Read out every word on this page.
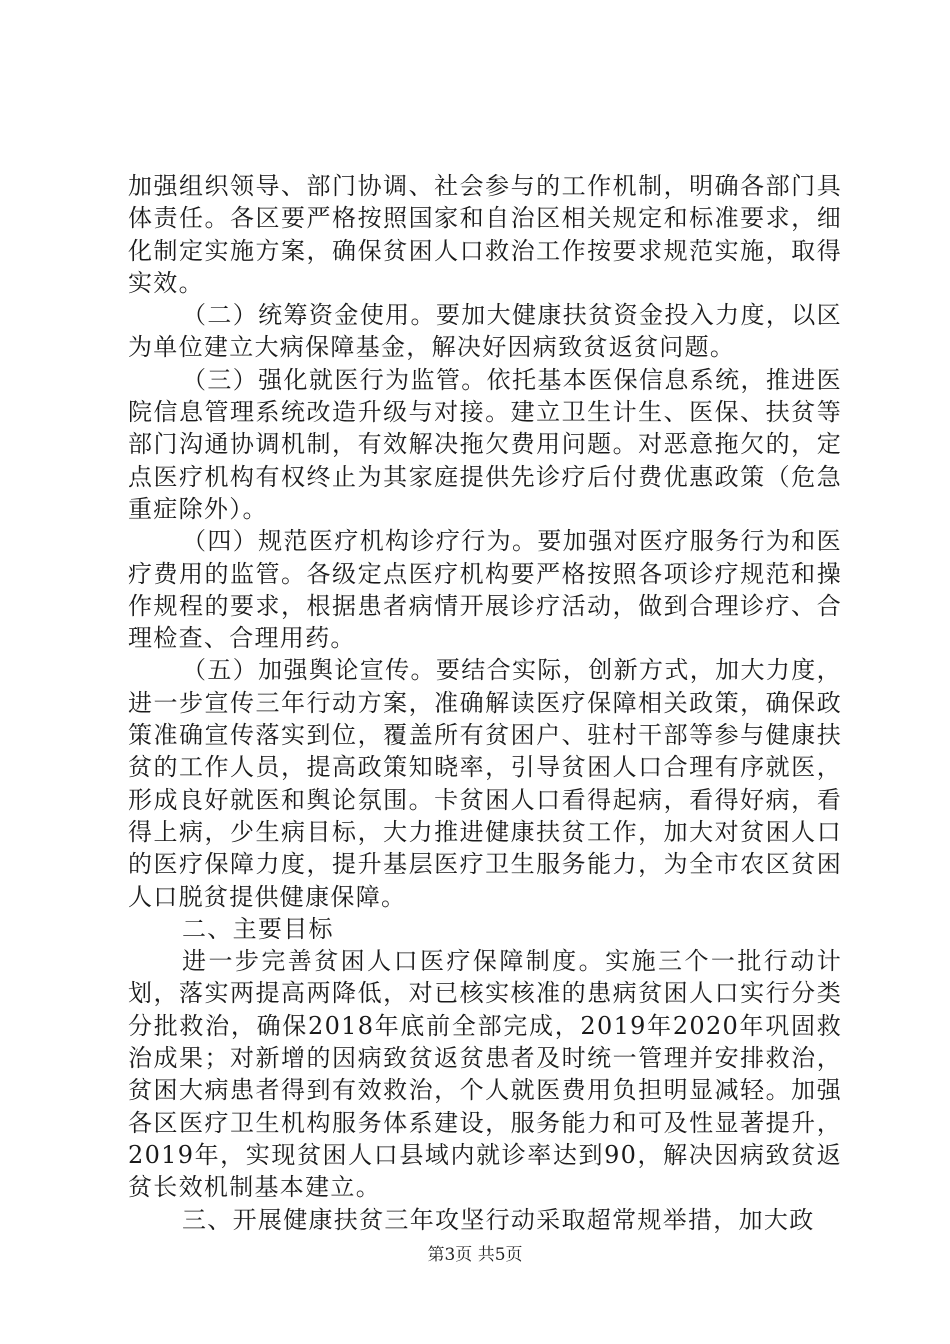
加强组织领导、部门协调、社会参与的工作机制，明确各部门具体责任。各区要严格按照国家和自治区相关规定和标准要求，细化制定实施方案，确保贫困人口救治工作按要求规范实施，取得实效。

（二）统筹资金使用。要加大健康扶贫资金投入力度，以区为单位建立大病保障基金，解决好因病致贫返贫问题。

（三）强化就医行为监管。依托基本医保信息系统，推进医院信息管理系统改造升级与对接。建立卫生计生、医保、扶贫等部门沟通协调机制，有效解决拖欠费用问题。对恶意拖欠的，定点医疗机构有权终止为其家庭提供先诊疗后付费优惠政策（危急重症除外）。

（四）规范医疗机构诊疗行为。要加强对医疗服务行为和医疗费用的监管。各级定点医疗机构要严格按照各项诊疗规范和操作规程的要求，根据患者病情开展诊疗活动，做到合理诊疗、合理检查、合理用药。

（五）加强舆论宣传。要结合实际，创新方式，加大力度，进一步宣传三年行动方案，准确解读医疗保障相关政策，确保政策准确宣传落实到位，覆盖所有贫困户、驻村干部等参与健康扶贫的工作人员，提高政策知晓率，引导贫困人口合理有序就医，形成良好就医和舆论氛围。卡贫困人口看得起病，看得好病，看得上病，少生病目标，大力推进健康扶贫工作，加大对贫困人口的医疗保障力度，提升基层医疗卫生服务能力，为全市农区贫困人口脱贫提供健康保障。

二、主要目标

进一步完善贫困人口医疗保障制度。实施三个一批行动计划，落实两提高两降低，对已核实核准的患病贫困人口实行分类分批救治，确保2018年底前全部完成，2019年2020年巩固救治成果；对新增的因病致贫返贫患者及时统一管理并安排救治，贫困大病患者得到有效救治，个人就医费用负担明显减轻。加强各区医疗卫生机构服务体系建设，服务能力和可及性显著提升，2019年，实现贫困人口县域内就诊率达到90，解决因病致贫返贫长效机制基本建立。

三、开展健康扶贫三年攻坚行动采取超常规举措，加大政

第3页 共5页
